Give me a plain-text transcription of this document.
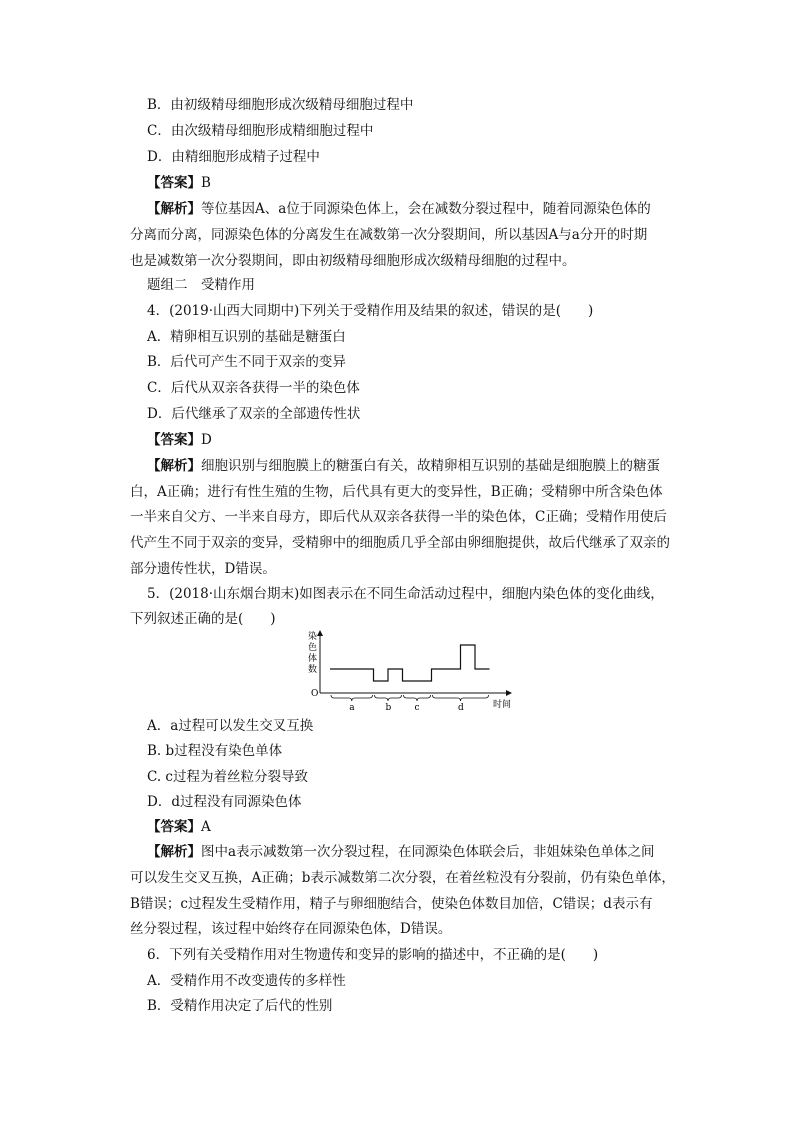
B．由初级精母细胞形成次级精母细胞过程中
C．由次级精母细胞形成精细胞过程中
D．由精细胞形成精子过程中
【答案】B
【解析】等位基因A、a位于同源染色体上，会在减数分裂过程中，随着同源染色体的
分离而分离，同源染色体的分离发生在减数第一次分裂期间，所以基因A与a分开的时期
也是减数第一次分裂期间，即由初级精母细胞形成次级精母细胞的过程中。
题组二　受精作用
4．(2019·山西大同期中)下列关于受精作用及结果的叙述，错误的是(　　)
A．精卵相互识别的基础是糖蛋白
B．后代可产生不同于双亲的变异
C．后代从双亲各获得一半的染色体
D．后代继承了双亲的全部遗传性状
【答案】D
【解析】细胞识别与细胞膜上的糖蛋白有关，故精卵相互识别的基础是细胞膜上的糖蛋
白，A正确；进行有性生殖的生物，后代具有更大的变异性，B正确；受精卵中所含染色体
一半来自父方、一半来自母方，即后代从双亲各获得一半的染色体，C正确；受精作用使后
代产生不同于双亲的变异，受精卵中的细胞质几乎全部由卵细胞提供，故后代继承了双亲的
部分遗传性状，D错误。
5．(2018·山东烟台期末)如图表示在不同生命活动过程中，细胞内染色体的变化曲线，
下列叙述正确的是(　　)
染
色
体
数
O
时间
a	b	c	d
A．a过程可以发生交叉互换
B. b过程没有染色单体
C. c过程为着丝粒分裂导致
D．d过程没有同源染色体
【答案】A
【解析】图中a表示减数第一次分裂过程，在同源染色体联会后，非姐妹染色单体之间
可以发生交叉互换，A正确；b表示减数第二次分裂，在着丝粒没有分裂前，仍有染色单体，
B错误；c过程发生受精作用，精子与卵细胞结合，使染色体数目加倍，C错误；d表示有
丝分裂过程，该过程中始终存在同源染色体，D错误。
6．下列有关受精作用对生物遗传和变异的影响的描述中，不正确的是(　　)
A．受精作用不改变遗传的多样性
B．受精作用决定了后代的性别
